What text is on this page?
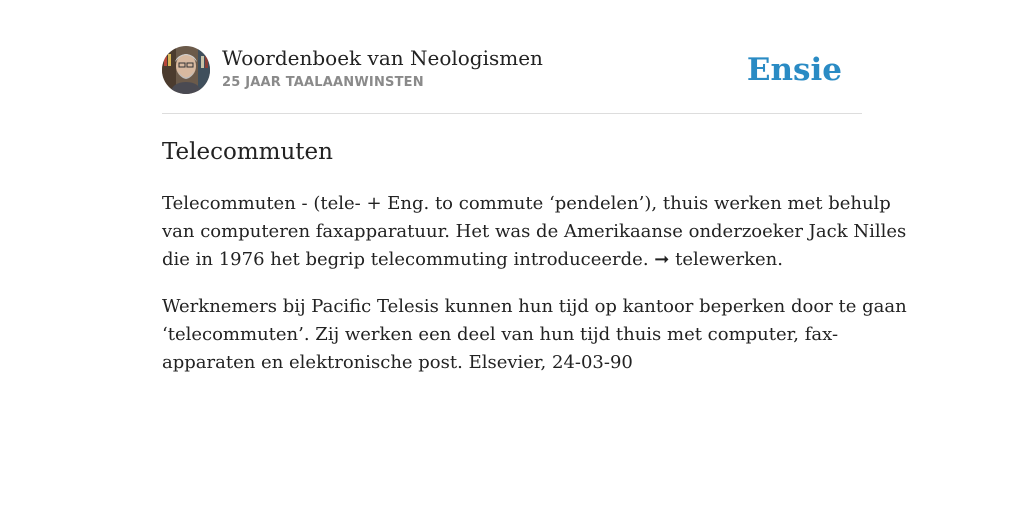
Woordenboek van Neologismen
25 JAAR TAALAANWINSTEN	Ensie
Telecommuten

Telecommuten - (tele- + Eng. to commute ‘pendelen’), thuis werken met behulp
van computeren faxapparatuur. Het was de Amerikaanse onderzoeker Jack Nilles
die in 1976 het begrip telecommuting introduceerde. ➞ telewerken.

Werknemers bij Pacific Telesis kunnen hun tijd op kantoor beperken door te gaan
‘telecommuten’. Zij werken een deel van hun tijd thuis met computer, fax-
apparaten en elektronische post. Elsevier, 24-03-90
